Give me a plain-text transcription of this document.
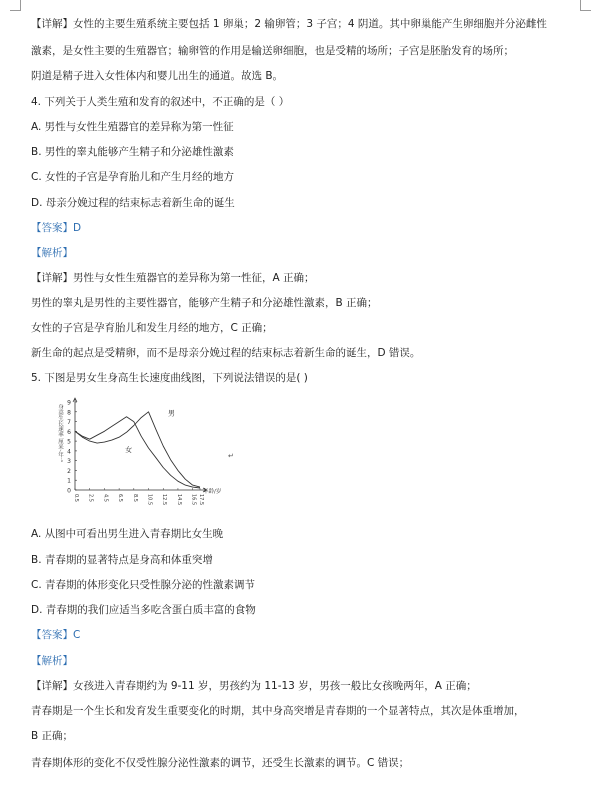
【详解】女性的主要生殖系统主要包括 1 卵巢；2 输卵管；3 子宫；4 阴道。其中卵巢能产生卵细胞并分泌雌性
激素，是女性主要的生殖器官；输卵管的作用是输送卵细胞，也是受精的场所；子宫是胚胎发育的场所；
阴道是精子进入女性体内和婴儿出生的通道。故选 B。
4. 下列关于人类生殖和发育的叙述中，不正确的是（ ）
A. 男性与女性生殖器官的差异称为第一性征
B. 男性的睾丸能够产生精子和分泌雄性激素
C. 女性的子宫是孕育胎儿和产生月经的地方
D. 母亲分娩过程的结束标志着新生命的诞生
【答案】D
【解析】
【详解】男性与女性生殖器官的差异称为第一性征，A 正确；
男性的睾丸是男性的主要性器官，能够产生精子和分泌雄性激素，B 正确；
女性的子宫是孕育胎儿和发生月经的地方，C 正确；
新生命的起点是受精卵，而不是母亲分娩过程的结束标志着新生命的诞生，D 错误。
5. 下图是男女生身高生长速度曲线图，下列说法错误的是( )
0
1
2
3
4
5
6
7
8
9
身高生长速率 厘米·年⁻¹
0.5 2.5 4.5 6.5 8.5 10.5 12.5 14.5 16.5 17.5
年龄/岁
男
女
↵
A. 从图中可看出男生进入青春期比女生晚
B. 青春期的显著特点是身高和体重突增
C. 青春期的体形变化只受性腺分泌的性激素调节
D. 青春期的我们应适当多吃含蛋白质丰富的食物
【答案】C
【解析】
【详解】女孩进入青春期约为 9-11 岁，男孩约为 11-13 岁，男孩一般比女孩晚两年，A 正确；
青春期是一个生长和发育发生重要变化的时期，其中身高突增是青春期的一个显著特点，其次是体重增加，
B 正确；
青春期体形的变化不仅受性腺分泌性激素的调节，还受生长激素的调节。C 错误；
